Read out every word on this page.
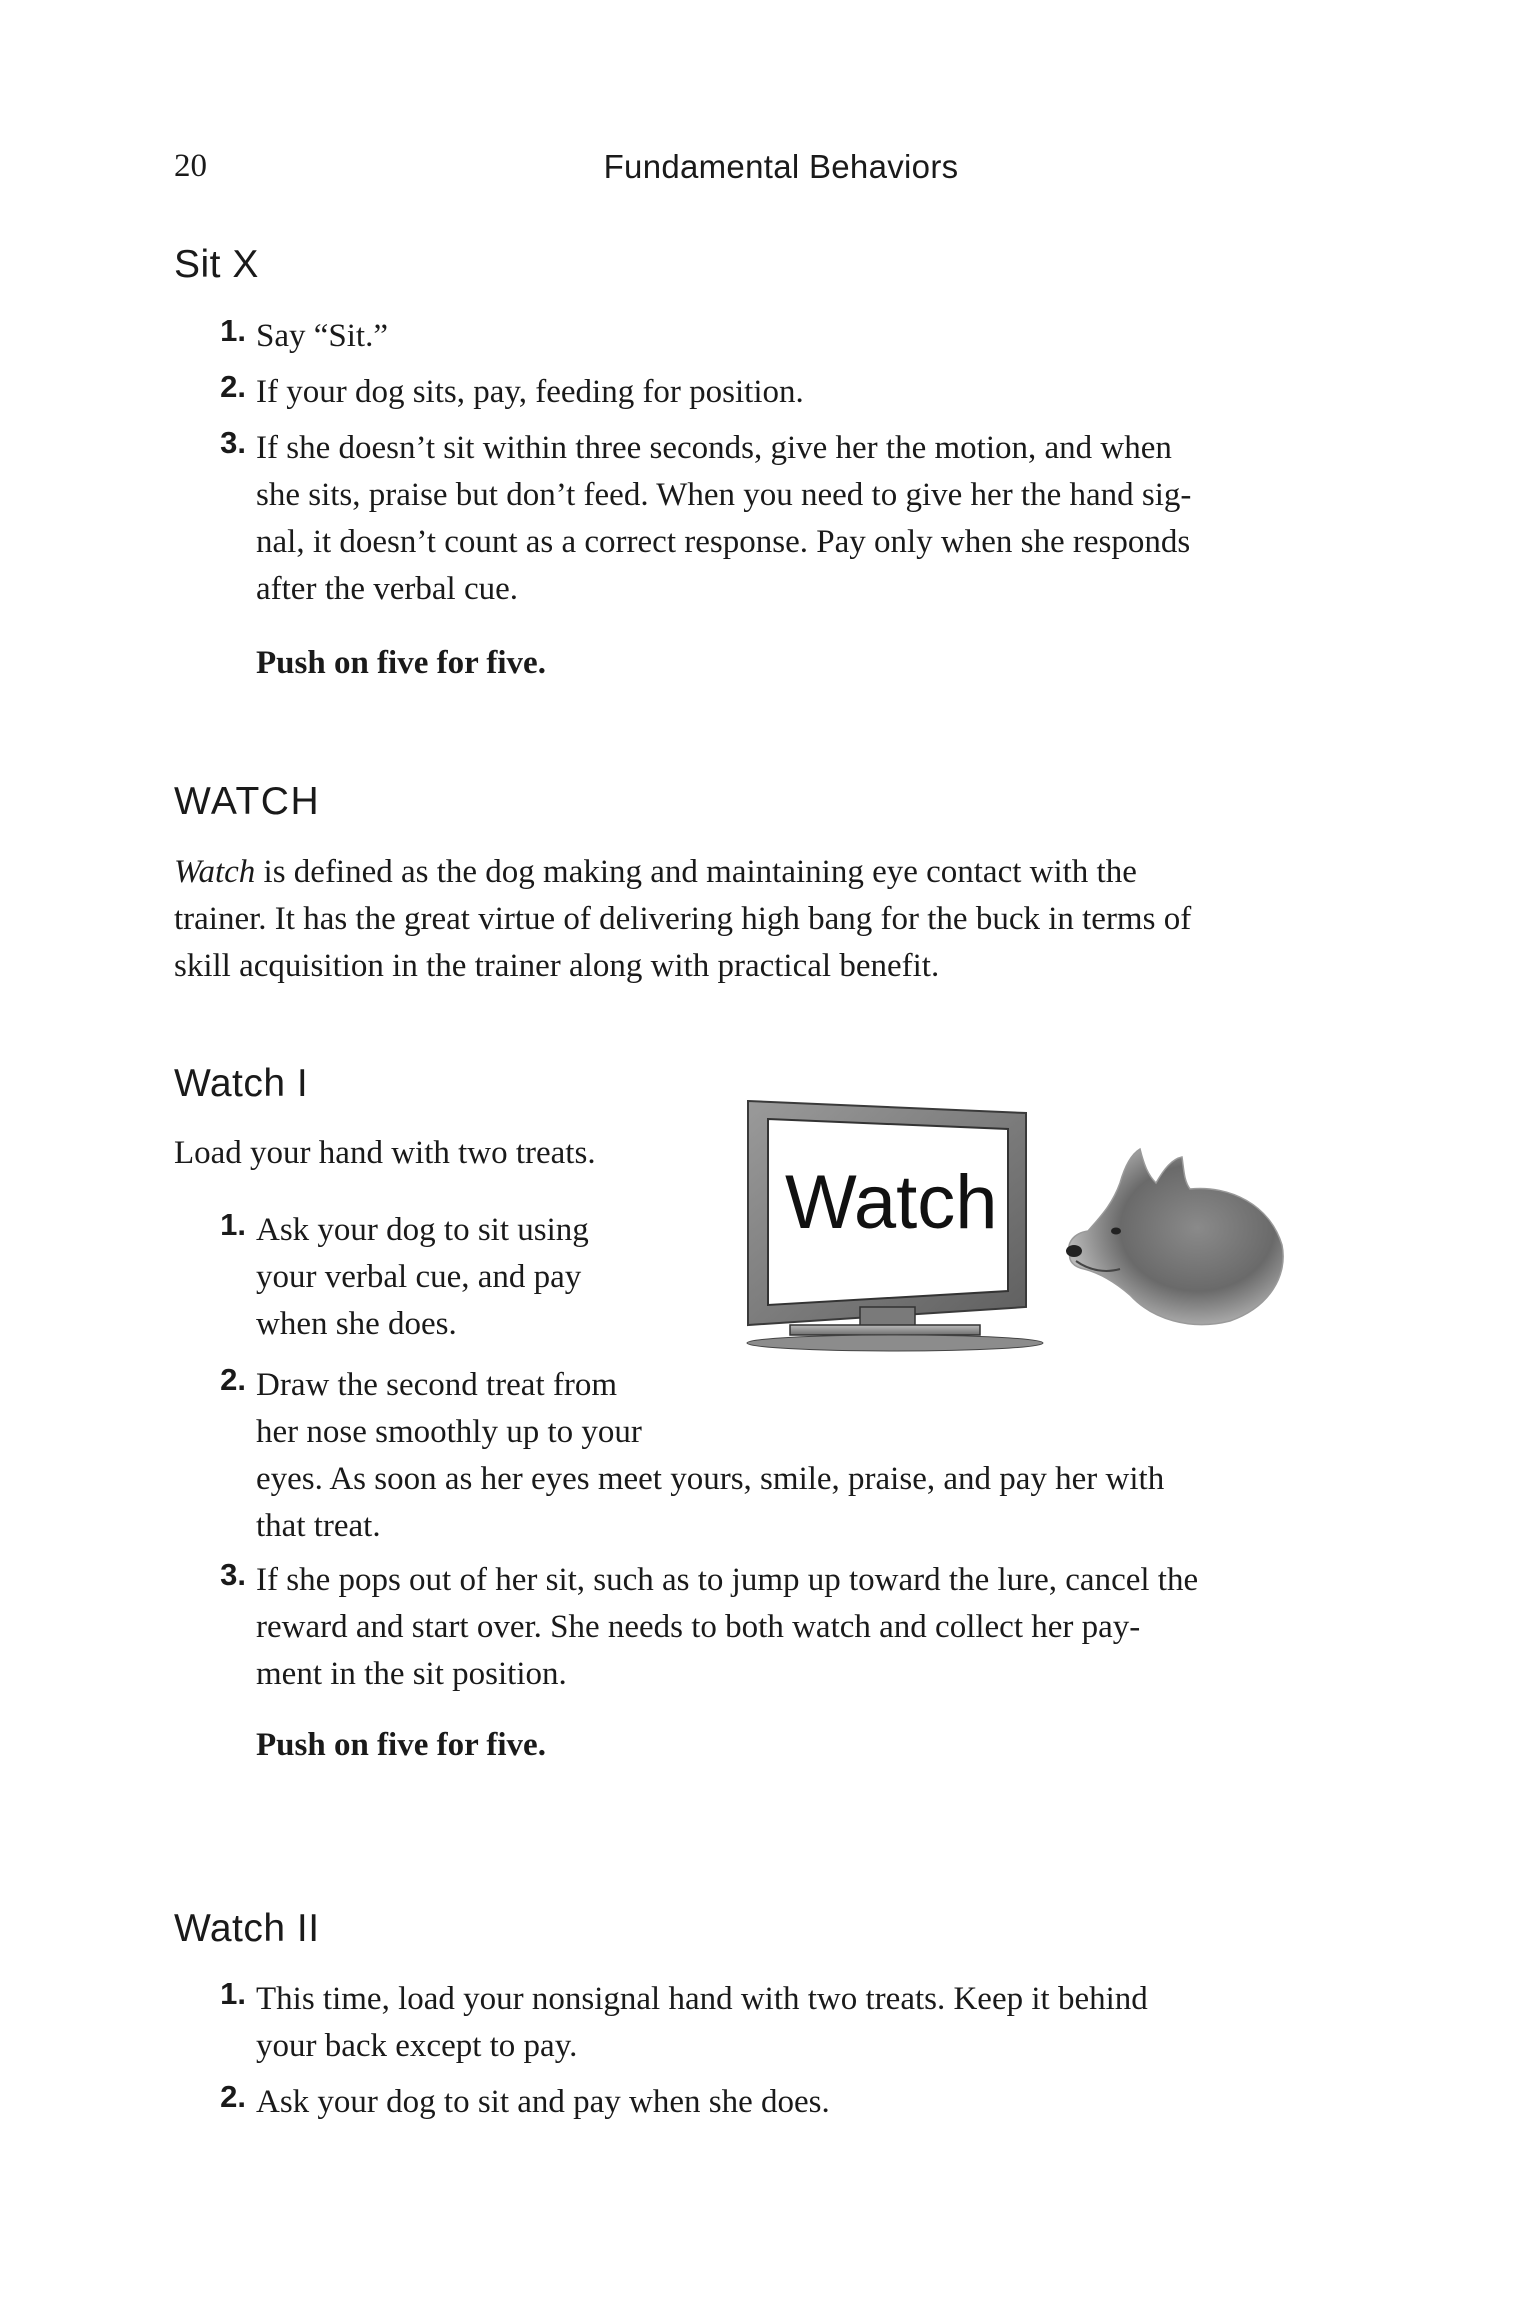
20	Fundamental Behaviors
Sit X
1. Say “Sit.”
2. If your dog sits, pay, feeding for position.
3. If she doesn’t sit within three seconds, give her the motion, and when
she sits, praise but don’t feed. When you need to give her the hand sig-
nal, it doesn’t count as a correct response. Pay only when she responds
after the verbal cue.
Push on five for five.
WATCH
Watch is defined as the dog making and maintaining eye contact with the
trainer. It has the great virtue of delivering high bang for the buck in terms of
skill acquisition in the trainer along with practical benefit.
Watch I
Load your hand with two treats.
1. Ask your dog to sit using
your verbal cue, and pay
when she does.
2. Draw the second treat from
her nose smoothly up to your
eyes. As soon as her eyes meet yours, smile, praise, and pay her with
that treat.
3. If she pops out of her sit, such as to jump up toward the lure, cancel the
reward and start over. She needs to both watch and collect her pay-
ment in the sit position.
Push on five for five.
Watch
Watch II
1. This time, load your nonsignal hand with two treats. Keep it behind
your back except to pay.
2. Ask your dog to sit and pay when she does.
